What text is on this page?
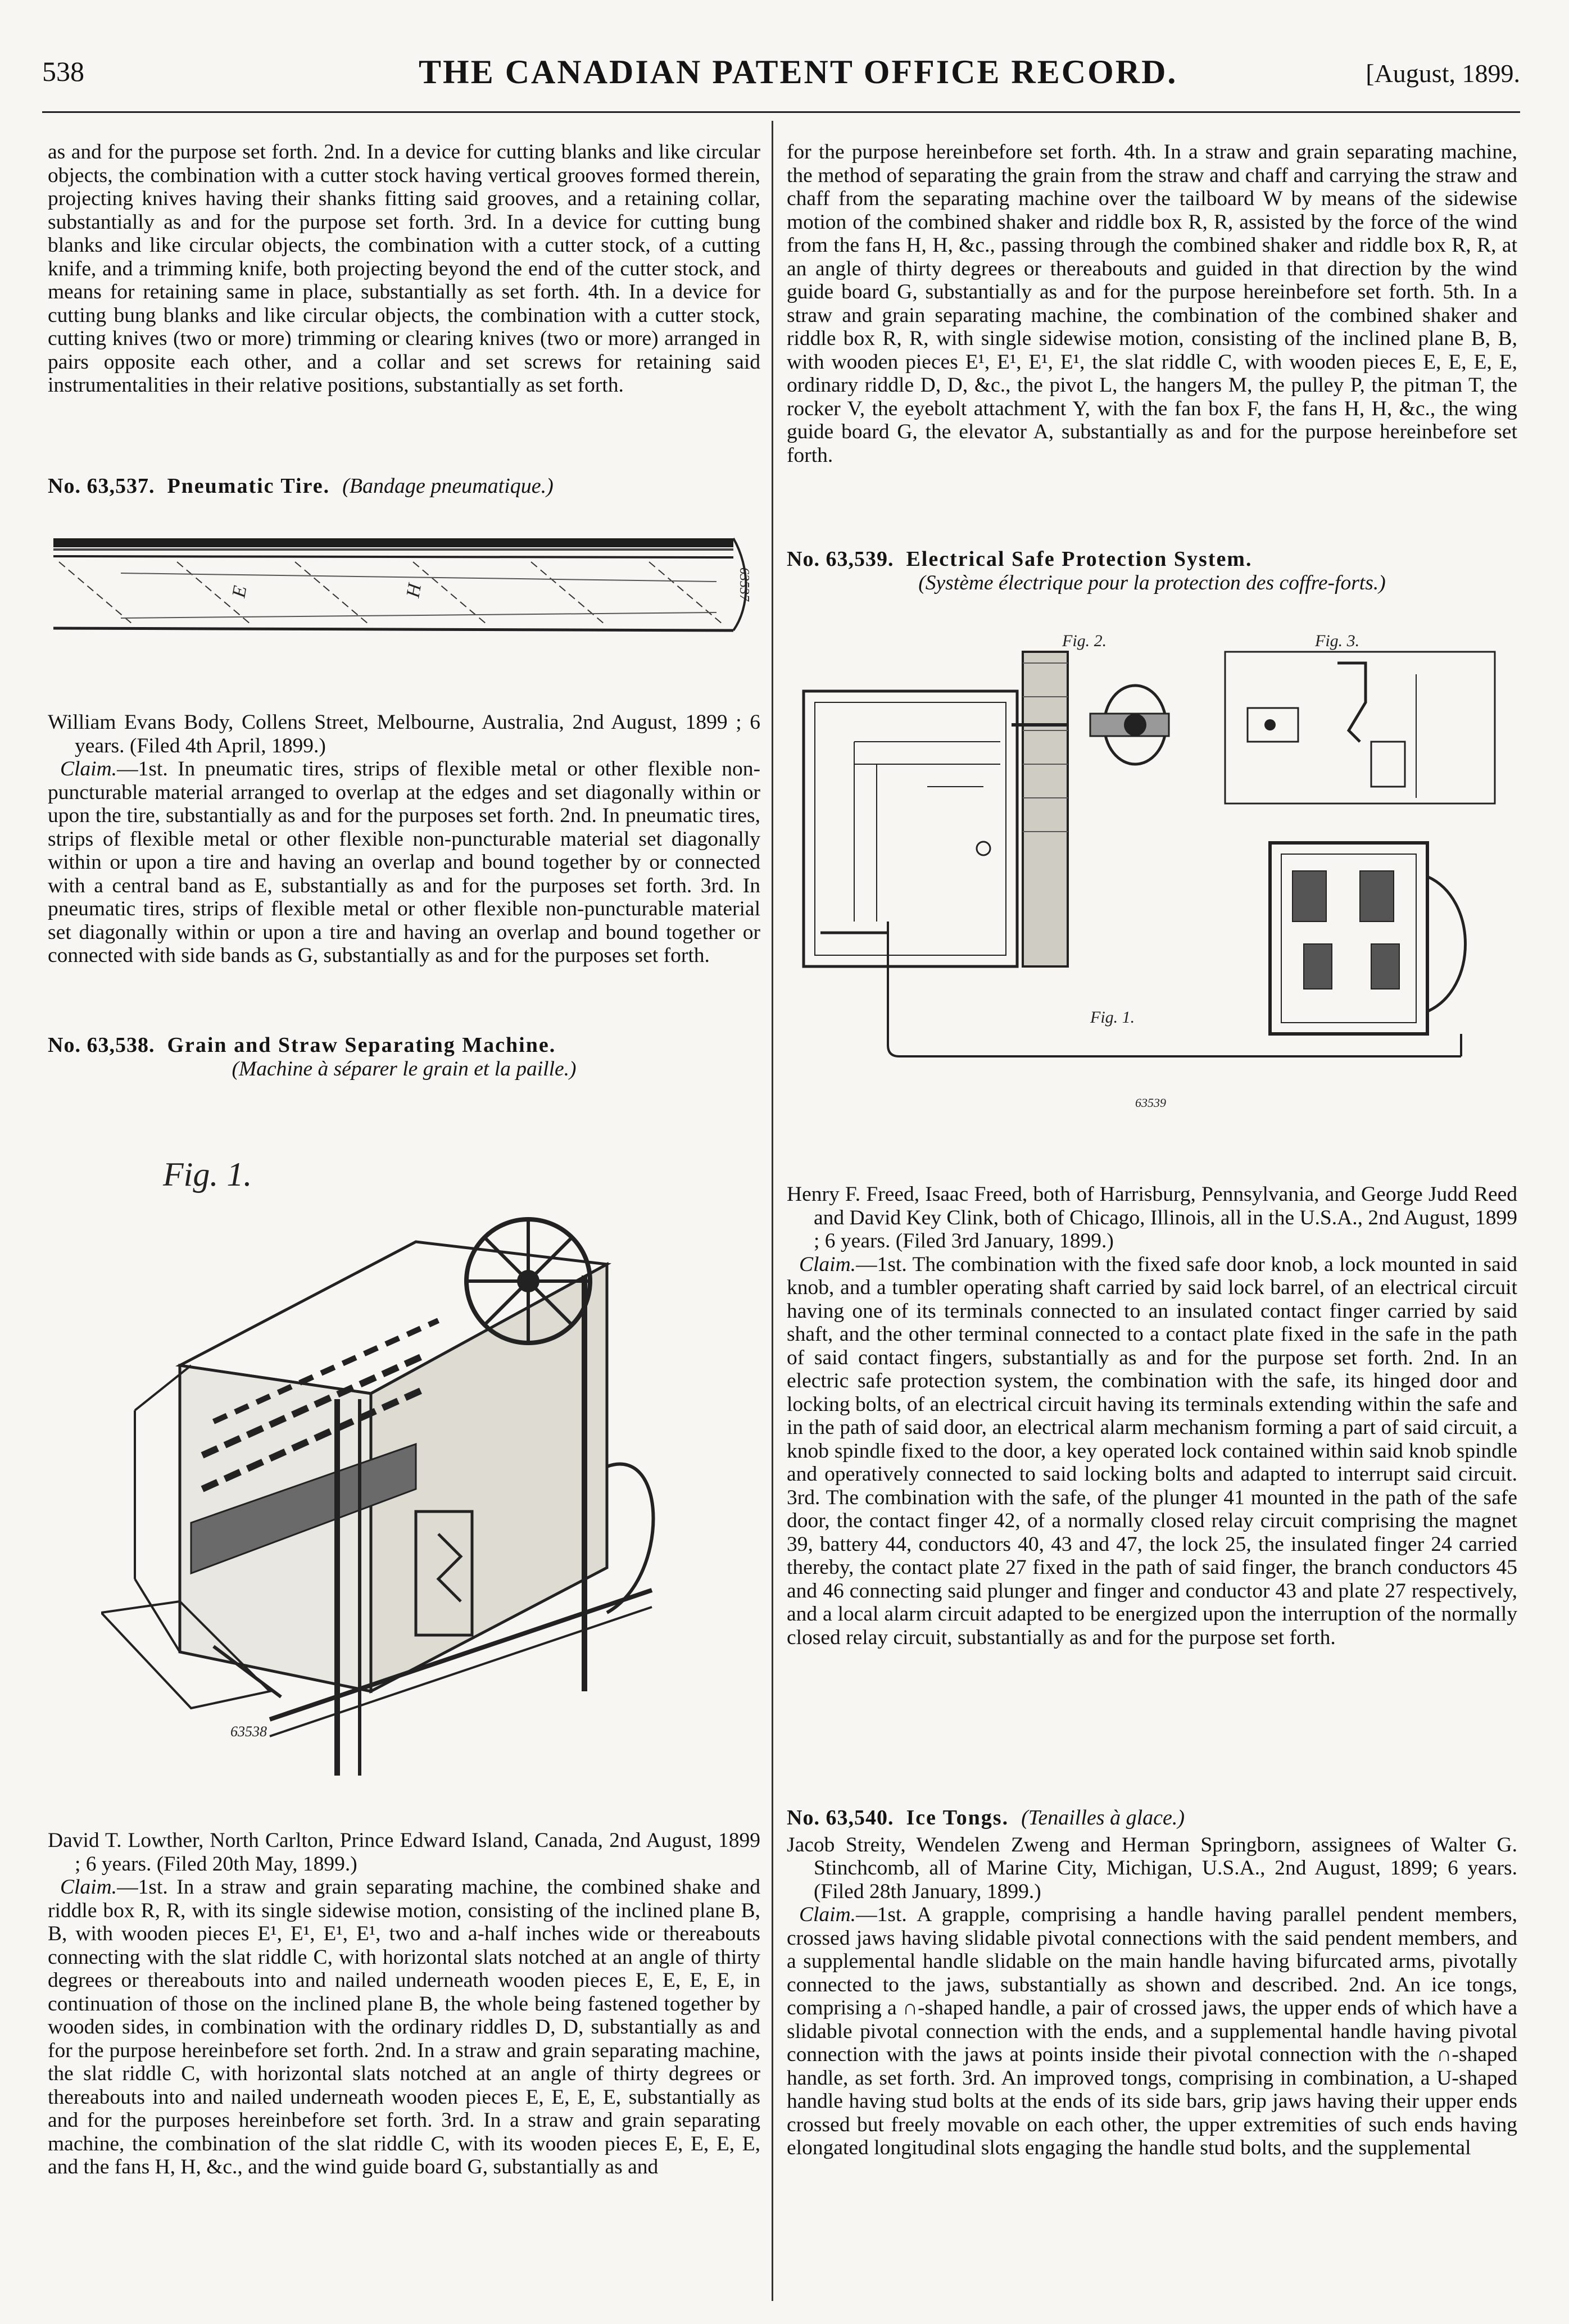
538	THE CANADIAN PATENT OFFICE RECORD.	[August, 1899.

as and for the purpose set forth. 2nd. In a device for cutting blanks and like circular objects, the combination with a cutter stock having vertical grooves formed therein, projecting knives having their shanks fitting said grooves, and a retaining collar, substantially as and for the purpose set forth. 3rd. In a device for cutting bung blanks and like circular objects, the combination with a cutter stock, of a cutting knife, and a trimming knife, both projecting beyond the end of the cutter stock, and means for retaining same in place, substantially as set forth. 4th. In a device for cutting bung blanks and like circular objects, the combination with a cutter stock, cutting knives (two or more) trimming or clearing knives (two or more) arranged in pairs opposite each other, and a collar and set screws for retaining said instrumentalities in their relative positions, substantially as set forth.

No. 63,537. Pneumatic Tire. (Bandage pneumatique.)

E	H	63537

William Evans Body, Collens Street, Melbourne, Australia, 2nd August, 1899 ; 6 years. (Filed 4th April, 1899.)

Claim.—1st. In pneumatic tires, strips of flexible metal or other flexible non-puncturable material arranged to overlap at the edges and set diagonally within or upon the tire, substantially as and for the purposes set forth. 2nd. In pneumatic tires, strips of flexible metal or other flexible non-puncturable material set diagonally within or upon a tire and having an overlap and bound together by or connected with a central band as E, substantially as and for the purposes set forth. 3rd. In pneumatic tires, strips of flexible metal or other flexible non-puncturable material set diagonally within or upon a tire and having an overlap and bound together or connected with side bands as G, substantially as and for the purposes set forth.

No. 63,538. Grain and Straw Separating Machine.

(Machine à séparer le grain et la paille.)

Fig. 1.
63538

David T. Lowther, North Carlton, Prince Edward Island, Canada, 2nd August, 1899 ; 6 years. (Filed 20th May, 1899.)

Claim.—1st. In a straw and grain separating machine, the combined shake and riddle box R, R, with its single sidewise motion, consisting of the inclined plane B, B, with wooden pieces E¹, E¹, E¹, E¹, two and a-half inches wide or thereabouts connecting with the slat riddle C, with horizontal slats notched at an angle of thirty degrees or thereabouts into and nailed underneath wooden pieces E, E, E, E, in continuation of those on the inclined plane B, the whole being fastened together by wooden sides, in combination with the ordinary riddles D, D, substantially as and for the purpose hereinbefore set forth. 2nd. In a straw and grain separating machine, the slat riddle C, with horizontal slats notched at an angle of thirty degrees or thereabouts into and nailed underneath wooden pieces E, E, E, E, substantially as and for the purposes hereinbefore set forth. 3rd. In a straw and grain separating machine, the combination of the slat riddle C, with its wooden pieces E, E, E, E, and the fans H, H, &c., and the wind guide board G, substantially as and

for the purpose hereinbefore set forth. 4th. In a straw and grain separating machine, the method of separating the grain from the straw and chaff and carrying the straw and chaff from the separating machine over the tailboard W by means of the sidewise motion of the combined shaker and riddle box R, R, assisted by the force of the wind from the fans H, H, &c., passing through the combined shaker and riddle box R, R, at an angle of thirty degrees or thereabouts and guided in that direction by the wind guide board G, substantially as and for the purpose hereinbefore set forth. 5th. In a straw and grain separating machine, the combination of the combined shaker and riddle box R, R, with single sidewise motion, consisting of the inclined plane B, B, with wooden pieces E¹, E¹, E¹, E¹, the slat riddle C, with wooden pieces E, E, E, E, ordinary riddle D, D, &c., the pivot L, the hangers M, the pulley P, the pitman T, the rocker V, the eyebolt attachment Y, with the fan box F, the fans H, H, &c., the wing guide board G, the elevator A, substantially as and for the purpose hereinbefore set forth.

No. 63,539. Electrical Safe Protection System.

(Système électrique pour la protection des coffre-forts.)

Fig. 2.	Fig. 3.
Fig. 1.
63539

Henry F. Freed, Isaac Freed, both of Harrisburg, Pennsylvania, and George Judd Reed and David Key Clink, both of Chicago, Illinois, all in the U.S.A., 2nd August, 1899 ; 6 years. (Filed 3rd January, 1899.)

Claim.—1st. The combination with the fixed safe door knob, a lock mounted in said knob, and a tumbler operating shaft carried by said lock barrel, of an electrical circuit having one of its terminals connected to an insulated contact finger carried by said shaft, and the other terminal connected to a contact plate fixed in the safe in the path of said contact fingers, substantially as and for the purpose set forth. 2nd. In an electric safe protection system, the combination with the safe, its hinged door and locking bolts, of an electrical circuit having its terminals extending within the safe and in the path of said door, an electrical alarm mechanism forming a part of said circuit, a knob spindle fixed to the door, a key operated lock contained within said knob spindle and operatively connected to said locking bolts and adapted to interrupt said circuit. 3rd. The combination with the safe, of the plunger 41 mounted in the path of the safe door, the contact finger 42, of a normally closed relay circuit comprising the magnet 39, battery 44, conductors 40, 43 and 47, the lock 25, the insulated finger 24 carried thereby, the contact plate 27 fixed in the path of said finger, the branch conductors 45 and 46 connecting said plunger and finger and conductor 43 and plate 27 respectively, and a local alarm circuit adapted to be energized upon the interruption of the normally closed relay circuit, substantially as and for the purpose set forth.

No. 63,540. Ice Tongs. (Tenailles à glace.)

Jacob Streity, Wendelen Zweng and Herman Springborn, assignees of Walter G. Stinchcomb, all of Marine City, Michigan, U.S.A., 2nd August, 1899; 6 years. (Filed 28th January, 1899.)

Claim.—1st. A grapple, comprising a handle having parallel pendent members, crossed jaws having slidable pivotal connections with the said pendent members, and a supplemental handle slidable on the main handle having bifurcated arms, pivotally connected to the jaws, substantially as shown and described. 2nd. An ice tongs, comprising a ∩-shaped handle, a pair of crossed jaws, the upper ends of which have a slidable pivotal connection with the ends, and a supplemental handle having pivotal connection with the jaws at points inside their pivotal connection with the ∩-shaped handle, as set forth. 3rd. An improved tongs, comprising in combination, a U-shaped handle having stud bolts at the ends of its side bars, grip jaws having their upper ends crossed but freely movable on each other, the upper extremities of such ends having elongated longitudinal slots engaging the handle stud bolts, and the supplemental
